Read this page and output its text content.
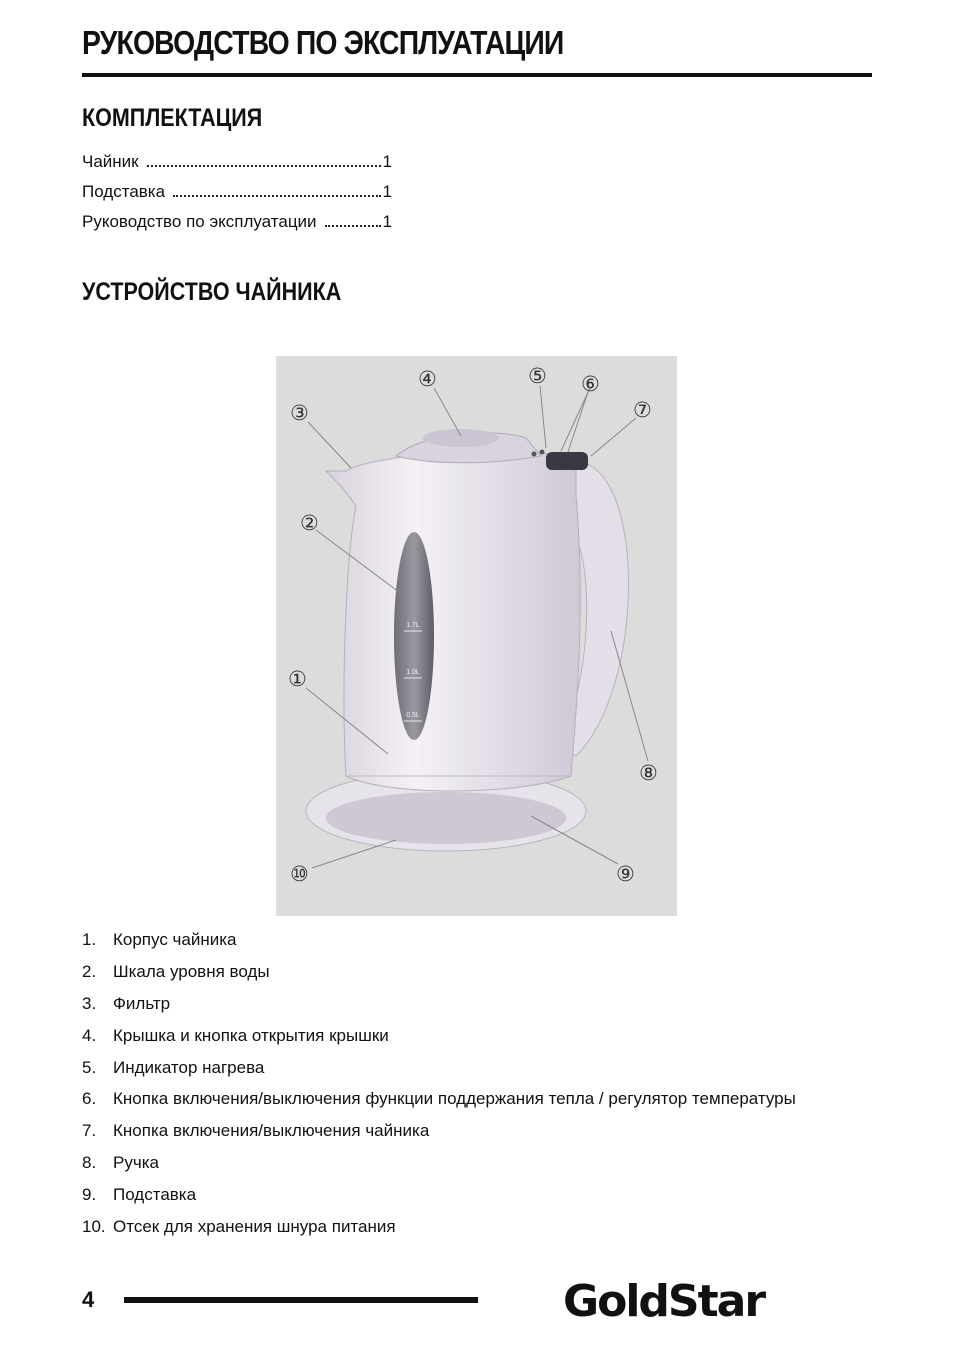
РУКОВОДСТВО ПО ЭКСПЛУАТАЦИИ
КОМПЛЕКТАЦИЯ
Чайник	1
Подставка	1
Руководство по эксплуатации	1
УСТРОЙСТВО ЧАЙНИКА
1.7L
1.0L
0.5L
①
②
③
④	⑤ ⑥
⑦
⑧
⑨
⑩
1. Корпус чайника
2. Шкала уровня воды
3. Фильтр
4. Крышка и кнопка открытия крышки
5. Индикатор нагрева
6. Кнопка включения/выключения функции поддержания тепла / регулятор температуры
7. Кнопка включения/выключения чайника
8. Ручка
9. Подставка
10. Отсек для хранения шнура питания
4	GoldStar
